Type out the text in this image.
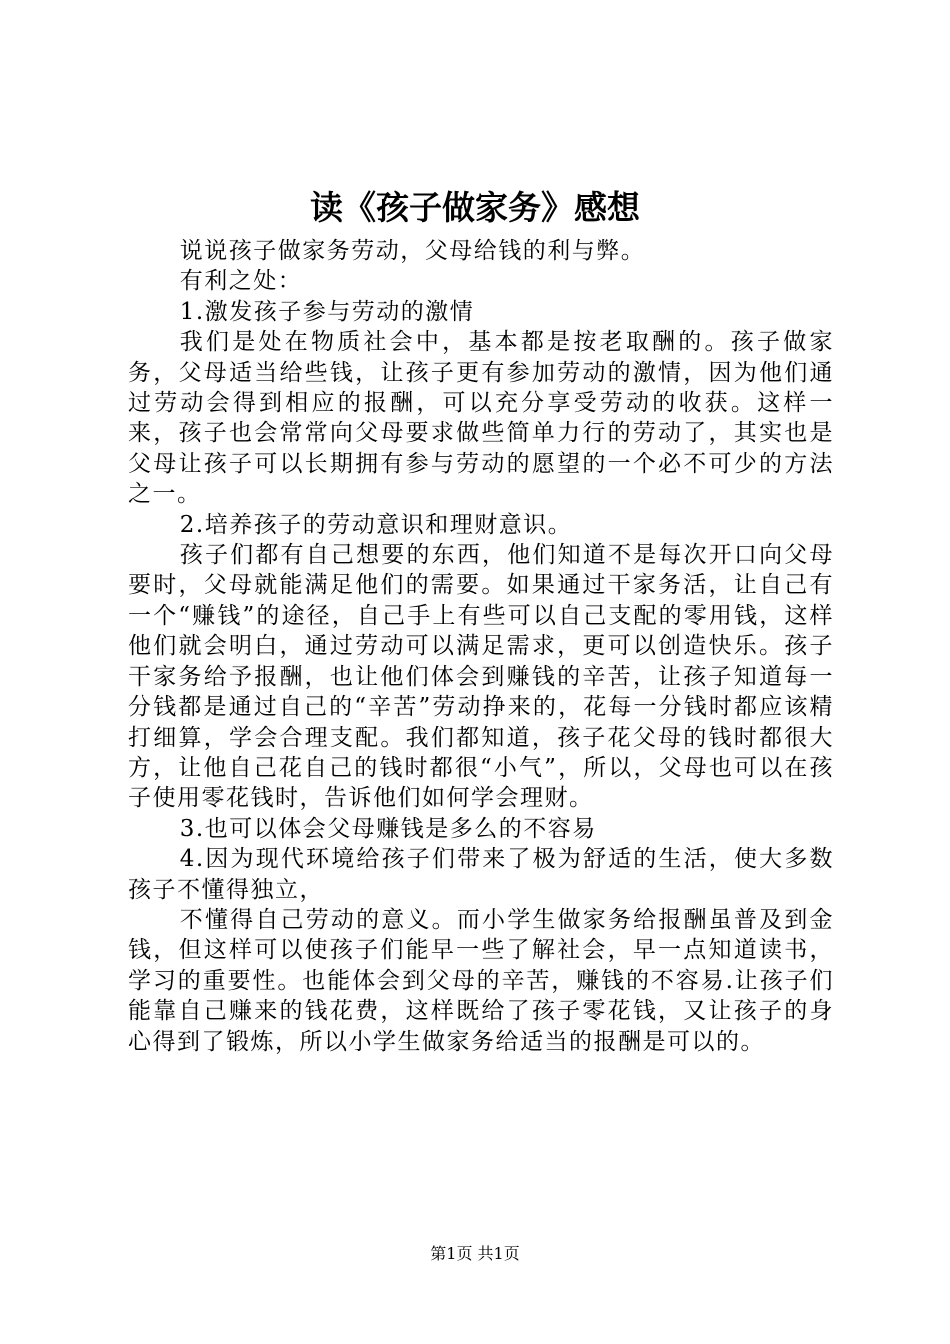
读《孩子做家务》感想

说说孩子做家务劳动，父母给钱的利与弊。

有利之处：

1.激发孩子参与劳动的激情

我们是处在物质社会中，基本都是按老取酬的。孩子做家务，父母适当给些钱，让孩子更有参加劳动的激情，因为他们通过劳动会得到相应的报酬，可以充分享受劳动的收获。这样一来，孩子也会常常向父母要求做些简单力行的劳动了，其实也是父母让孩子可以长期拥有参与劳动的愿望的一个必不可少的方法之一。

2.培养孩子的劳动意识和理财意识。

孩子们都有自己想要的东西，他们知道不是每次开口向父母要时，父母就能满足他们的需要。如果通过干家务活，让自己有一个“赚钱”的途径，自己手上有些可以自己支配的零用钱，这样他们就会明白，通过劳动可以满足需求，更可以创造快乐。孩子干家务给予报酬，也让他们体会到赚钱的辛苦，让孩子知道每一分钱都是通过自己的“辛苦”劳动挣来的，花每一分钱时都应该精打细算，学会合理支配。我们都知道，孩子花父母的钱时都很大方，让他自己花自己的钱时都很“小气”，所以，父母也可以在孩子使用零花钱时，告诉他们如何学会理财。

3.也可以体会父母赚钱是多么的不容易

4.因为现代环境给孩子们带来了极为舒适的生活，使大多数孩子不懂得独立，

不懂得自己劳动的意义。而小学生做家务给报酬虽普及到金钱，但这样可以使孩子们能早一些了解社会，早一点知道读书，学习的重要性。也能体会到父母的辛苦，赚钱的不容易.让孩子们能靠自己赚来的钱花费，这样既给了孩子零花钱，又让孩子的身心得到了锻炼，所以小学生做家务给适当的报酬是可以的。

第1页 共1页
